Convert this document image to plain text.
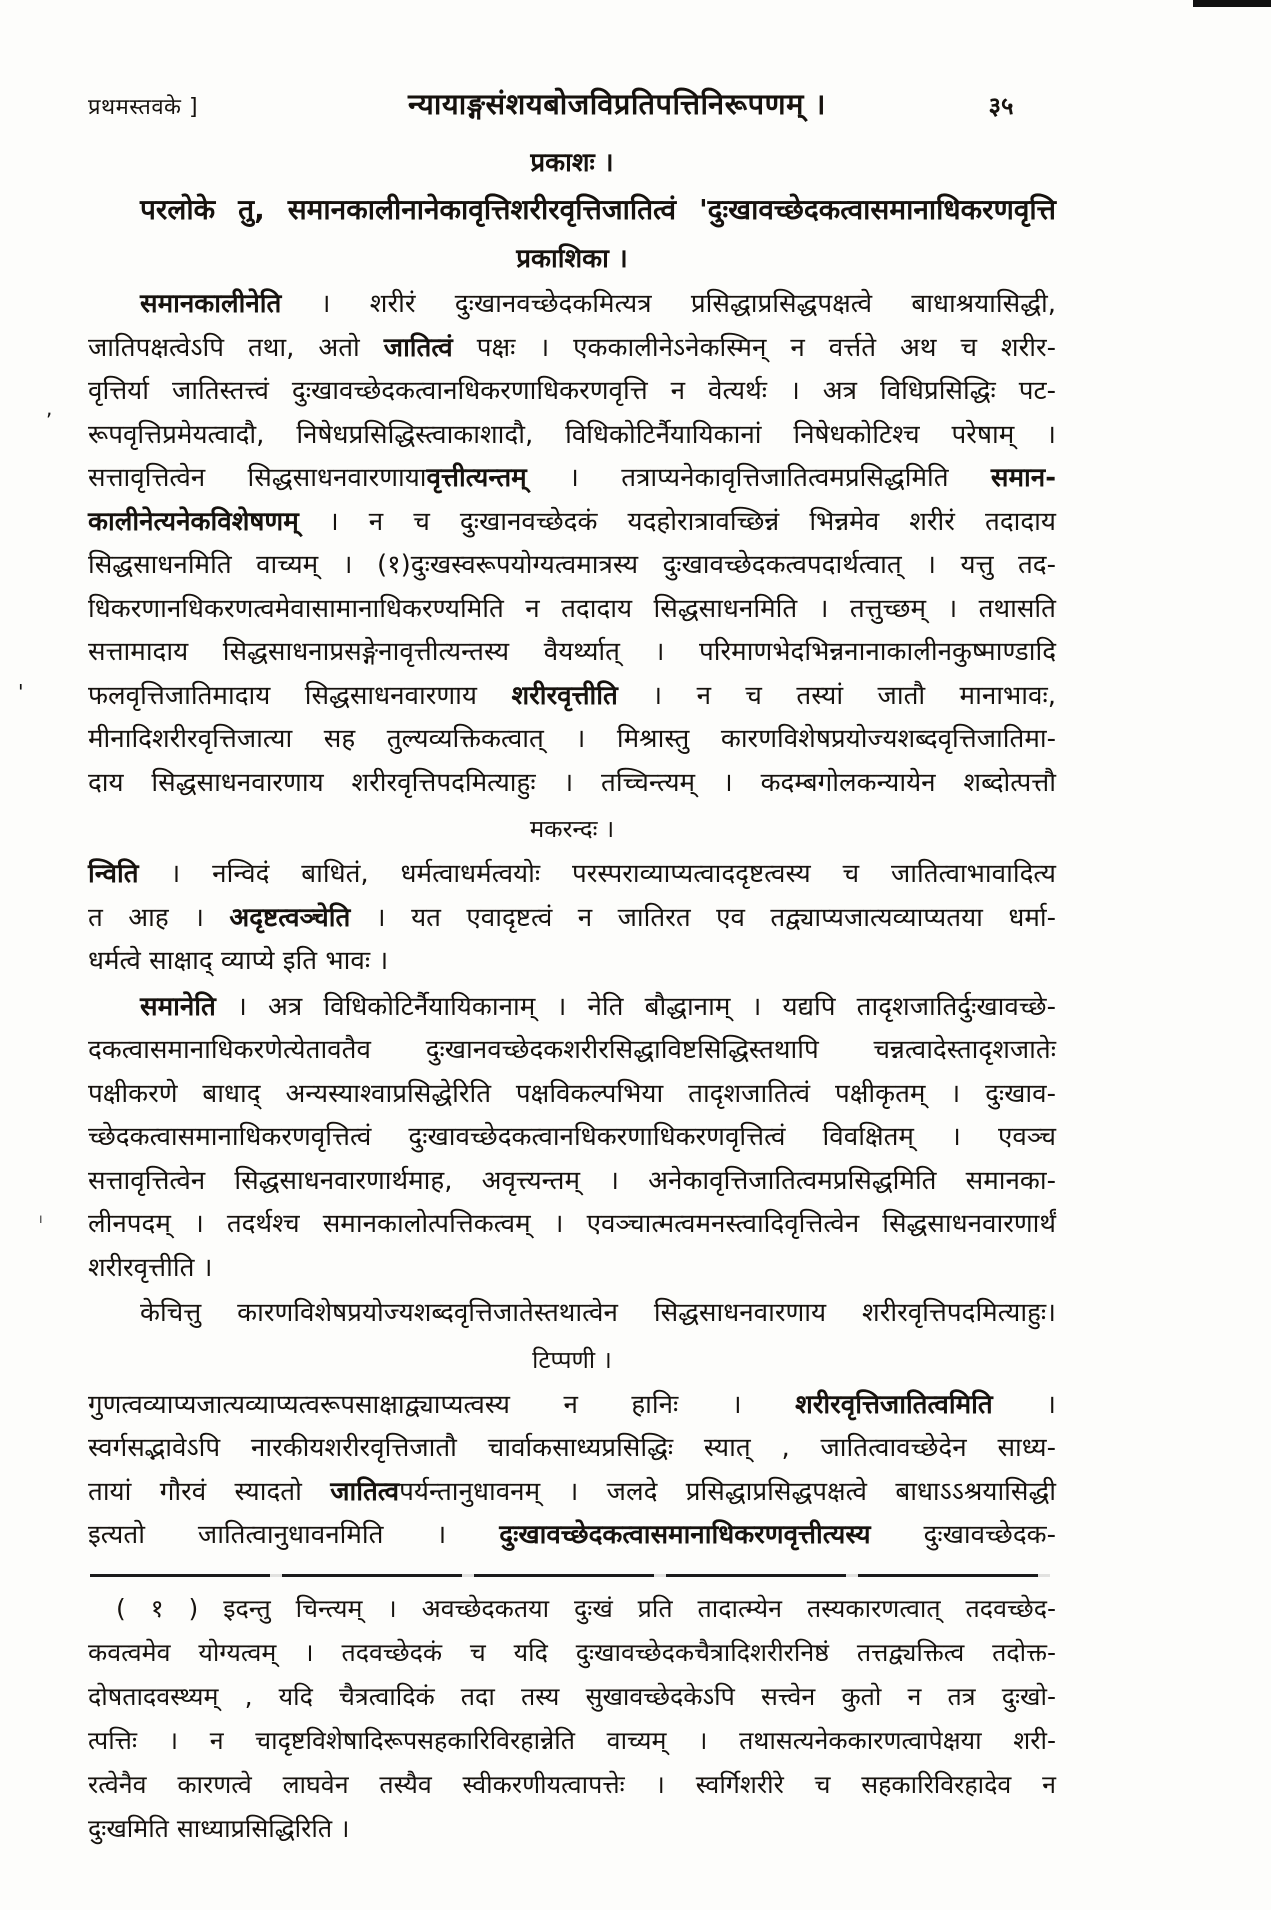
,
'
।
प्रथमस्तवके ]	न्यायाङ्गसंशयबोजविप्रतिपत्तिनिरूपणम् ।	३५
प्रकाशः ।
परलोके तु, समानकालीनानेकावृत्तिशरीरवृत्तिजातित्वं 'दुःखावच्छेदकत्वासमानाधिकरणवृत्ति
प्रकाशिका ।
समानकालीनेति । शरीरं दुःखानवच्छेदकमित्यत्र प्रसिद्धाप्रसिद्धपक्षत्वे बाधाश्रयासिद्धी,
जातिपक्षत्वेऽपि तथा, अतो जातित्वं पक्षः । एककालीनेऽनेकस्मिन् न वर्त्तते अथ च शरीर-
वृत्तिर्या जातिस्तत्त्वं दुःखावच्छेदकत्वानधिकरणाधिकरणवृत्ति न वेत्यर्थः । अत्र विधिप्रसिद्धिः पट-
रूपवृत्तिप्रमेयत्वादौ, निषेधप्रसिद्धिस्त्वाकाशादौ, विधिकोटिर्नैयायिकानां निषेधकोटिश्च परेषाम् ।
सत्तावृत्तित्वेन सिद्धसाधनवारणायावृत्तीत्यन्तम् । तत्राप्यनेकावृत्तिजातित्वमप्रसिद्धमिति समान-
कालीनेत्यनेकविशेषणम् । न च दुःखानवच्छेदकं यदहोरात्रावच्छिन्नं भिन्नमेव शरीरं तदादाय
सिद्धसाधनमिति वाच्यम् । (१)दुःखस्वरूपयोग्यत्वमात्रस्य दुःखावच्छेदकत्वपदार्थत्वात् । यत्तु तद-
धिकरणानधिकरणत्वमेवासामानाधिकरण्यमिति न तदादाय सिद्धसाधनमिति । तत्तुच्छम् । तथासति
सत्तामादाय सिद्धसाधनाप्रसङ्गेनावृत्तीत्यन्तस्य वैयर्थ्यात् । परिमाणभेदभिन्ननानाकालीनकुष्माण्डादि
फलवृत्तिजातिमादाय सिद्धसाधनवारणाय शरीरवृत्तीति । न च तस्यां जातौ मानाभावः,
मीनादिशरीरवृत्तिजात्या सह तुल्यव्यक्तिकत्वात् । मिश्रास्तु कारणविशेषप्रयोज्यशब्दवृत्तिजातिमा-
दाय सिद्धसाधनवारणाय शरीरवृत्तिपदमित्याहुः । तच्चिन्त्यम् । कदम्बगोलकन्यायेन शब्दोत्पत्तौ
मकरन्दः ।
न्विति । नन्विदं बाधितं, धर्मत्वाधर्मत्वयोः परस्पराव्याप्यत्वाददृष्टत्वस्य च जातित्वाभावादित्य
त आह । अदृष्टत्वञ्चेति । यत एवादृष्टत्वं न जातिरत एव तद्व्याप्यजात्यव्याप्यतया धर्मा-
धर्मत्वे साक्षाद् व्याप्ये इति भावः ।
समानेति । अत्र विधिकोटिर्नैयायिकानाम् । नेति बौद्धानाम् । यद्यपि तादृशजातिर्दुःखावच्छे-
दकत्वासमानाधिकरणेत्येतावतैव दुःखानवच्छेदकशरीरसिद्धाविष्टसिद्धिस्तथापि चन्नत्वादेस्तादृशजातेः
पक्षीकरणे बाधाद् अन्यस्याश्वाप्रसिद्धेरिति पक्षविकल्पभिया तादृशजातित्वं पक्षीकृतम् । दुःखाव-
च्छेदकत्वासमानाधिकरणवृत्तित्वं दुःखावच्छेदकत्वानधिकरणाधिकरणवृत्तित्वं विवक्षितम् । एवञ्च
सत्तावृत्तित्वेन सिद्धसाधनवारणार्थमाह, अवृत्त्यन्तम् । अनेकावृत्तिजातित्वमप्रसिद्धमिति समानका-
लीनपदम् । तदर्थश्च समानकालोत्पत्तिकत्वम् । एवञ्चात्मत्वमनस्त्वादिवृत्तित्वेन सिद्धसाधनवारणार्थं
शरीरवृत्तीति ।
केचित्तु कारणविशेषप्रयोज्यशब्दवृत्तिजातेस्तथात्वेन सिद्धसाधनवारणाय शरीरवृत्तिपदमित्याहुः।
टिप्पणी ।
गुणत्वव्याप्यजात्यव्याप्यत्वरूपसाक्षाद्व्याप्यत्वस्य न हानिः । शरीरवृत्तिजातित्वमिति ।
स्वर्गसद्भावेऽपि नारकीयशरीरवृत्तिजातौ चार्वाकसाध्यप्रसिद्धिः स्यात् , जातित्वावच्छेदेन साध्य-
तायां गौरवं स्यादतो जातित्वपर्यन्तानुधावनम् । जलदे प्रसिद्धाप्रसिद्धपक्षत्वे बाधाऽऽश्रयासिद्धी
इत्यतो जातित्वानुधावनमिति । दुःखावच्छेदकत्वासमानाधिकरणवृत्तीत्यस्य दुःखावच्छेदक-
( १ ) इदन्तु चिन्त्यम् । अवच्छेदकतया दुःखं प्रति तादात्म्येन तस्यकारणत्वात् तदवच्छेद-
कवत्वमेव योग्यत्वम् । तदवच्छेदकं च यदि दुःखावच्छेदकचैत्रादिशरीरनिष्ठं तत्तद्व्यक्तित्व तदोक्त-
दोषतादवस्थ्यम् , यदि चैत्रत्वादिकं तदा तस्य सुखावच्छेदकेऽपि सत्त्वेन कुतो न तत्र दुःखो-
त्पत्तिः । न चादृष्टविशेषादिरूपसहकारिविरहान्नेति वाच्यम् । तथासत्यनेककारणत्वापेक्षया शरी-
रत्वेनैव कारणत्वे लाघवेन तस्यैव स्वीकरणीयत्वापत्तेः । स्वर्गिशरीरे च सहकारिविरहादेव न
दुःखमिति साध्याप्रसिद्धिरिति ।
